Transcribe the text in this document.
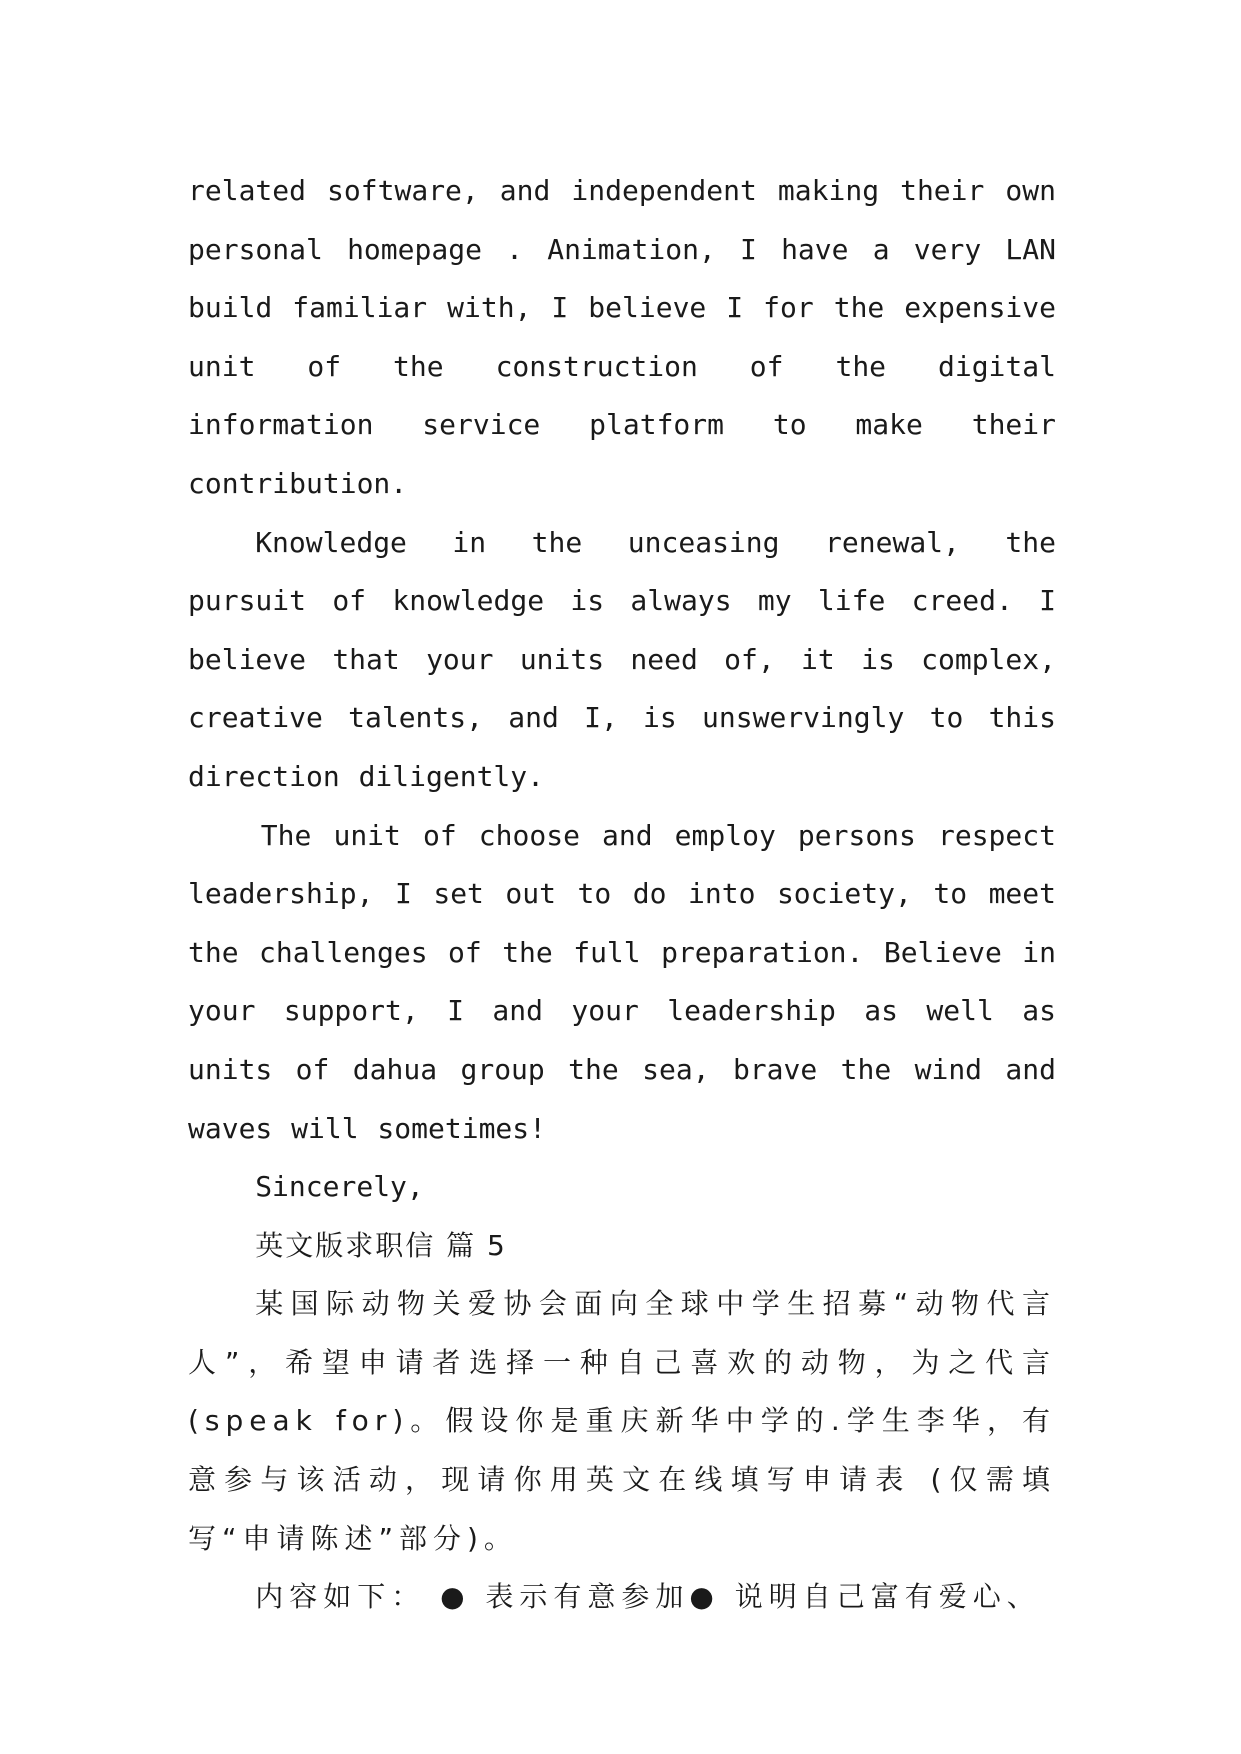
related software, and independent making their own personal homepage . Animation, I have a very LAN build familiar with, I believe I for the expensive unit of the construction of the digital information service platform to make their contribution.

Knowledge in the unceasing renewal, the pursuit of knowledge is always my life creed. I believe that your units need of, it is complex, creative talents, and I, is unswervingly to this direction diligently.

The unit of choose and employ persons respect leadership, I set out to do into society, to meet the challenges of the full preparation. Believe in your support, I and your leadership as well as units of dahua group the sea, brave the wind and waves will sometimes!

Sincerely,

英文版求职信 篇 5

某国际动物关爱协会面向全球中学生招募“动物代言人”，希望申请者选择一种自己喜欢的动物，为之代言(speak for)。假设你是重庆新华中学的.学生李华，有意参与该活动，现请你用英文在线填写申请表 (仅需填写“申请陈述”部分)。

内容如下： ● 表示有意参加● 说明自己富有爱心、
